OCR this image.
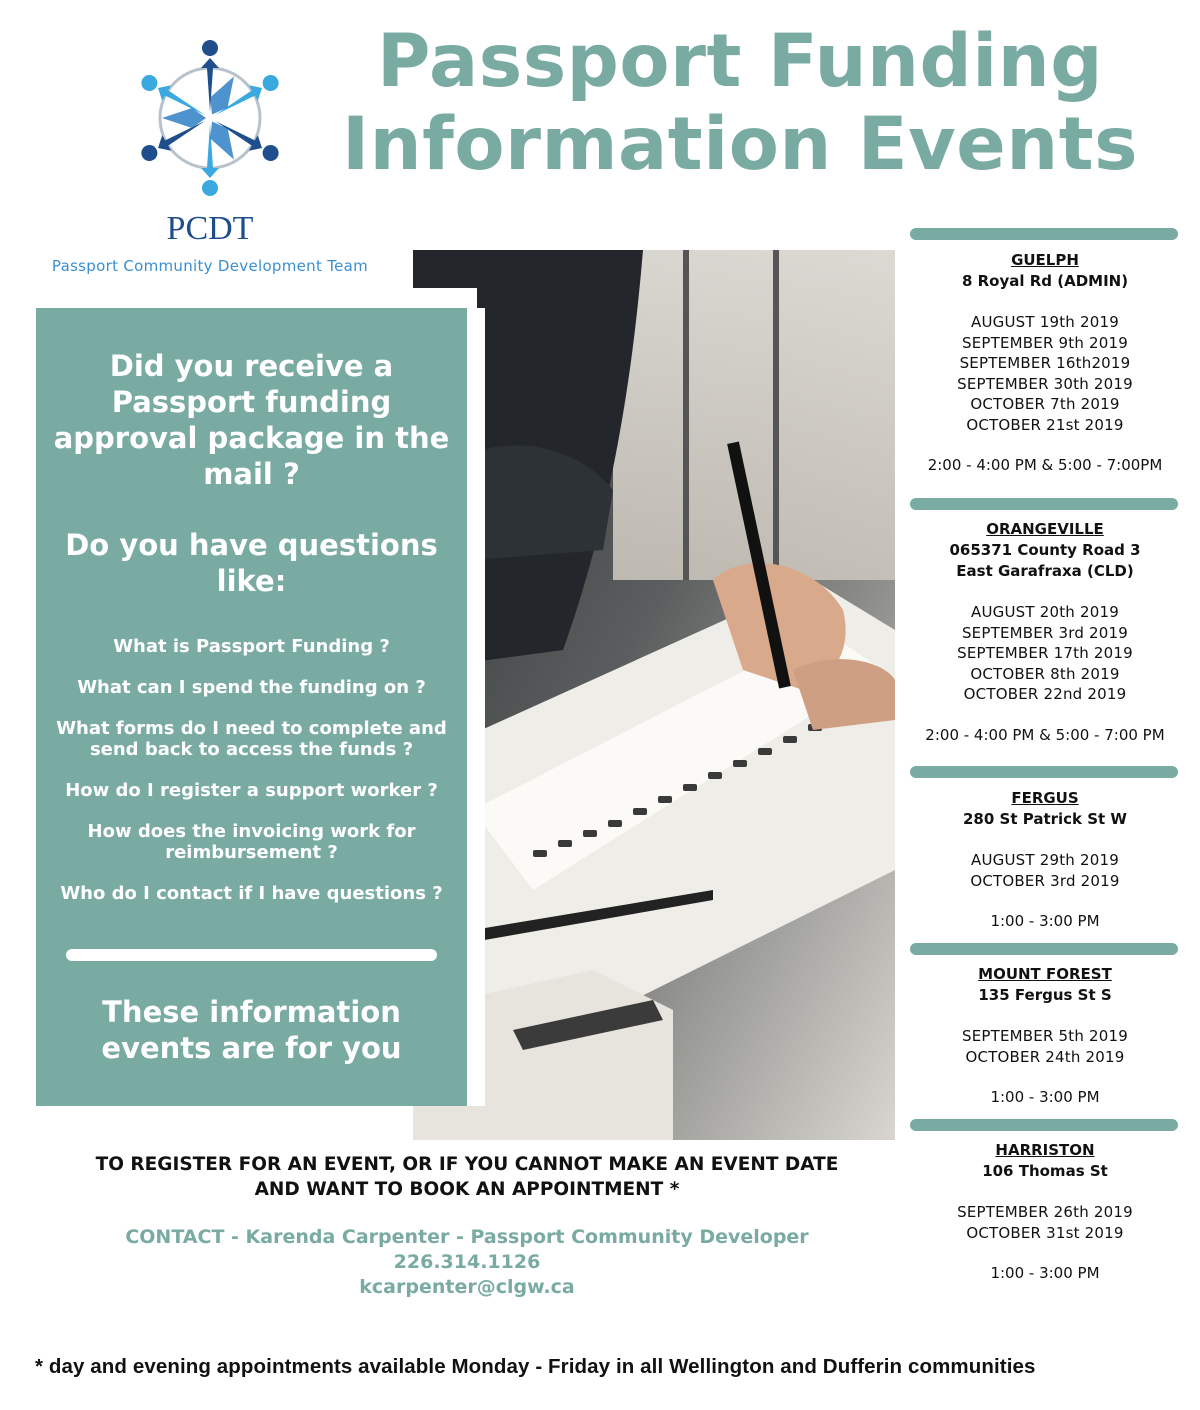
PCDT
Passport Community Development Team
Passport Funding
Information Events
Did you receive a Passport funding approval package in the mail ?
Do you have questions like:
What is Passport Funding ?
What can I spend the funding on ?
What forms do I need to complete and send back to access the funds ?
How do I register a support worker ?
How does the invoicing work for reimbursement ?
Who do I contact if I have questions ?
These information events are for you
GUELPH
8 Royal Rd (ADMIN)
AUGUST 19th 2019
SEPTEMBER 9th 2019
SEPTEMBER 16th2019
SEPTEMBER 30th 2019
OCTOBER 7th 2019
OCTOBER 21st 2019
2:00 - 4:00 PM & 5:00 - 7:00PM
ORANGEVILLE
065371 County Road 3
East Garafraxa (CLD)
AUGUST 20th 2019
SEPTEMBER 3rd 2019
SEPTEMBER 17th 2019
OCTOBER 8th 2019
OCTOBER 22nd 2019
2:00 - 4:00 PM & 5:00 - 7:00 PM
FERGUS
280 St Patrick St W
AUGUST 29th 2019
OCTOBER 3rd 2019
1:00 - 3:00 PM
MOUNT FOREST
135 Fergus St S
SEPTEMBER 5th 2019
OCTOBER 24th 2019
1:00 - 3:00 PM
HARRISTON
106 Thomas St
SEPTEMBER 26th 2019
OCTOBER 31st 2019
1:00 - 3:00 PM
TO REGISTER FOR AN EVENT, OR IF YOU CANNOT MAKE AN EVENT DATE
AND WANT TO BOOK AN APPOINTMENT *
CONTACT - Karenda Carpenter - Passport Community Developer
226.314.1126
kcarpenter@clgw.ca
* day and evening appointments available Monday - Friday in all Wellington and Dufferin communities
